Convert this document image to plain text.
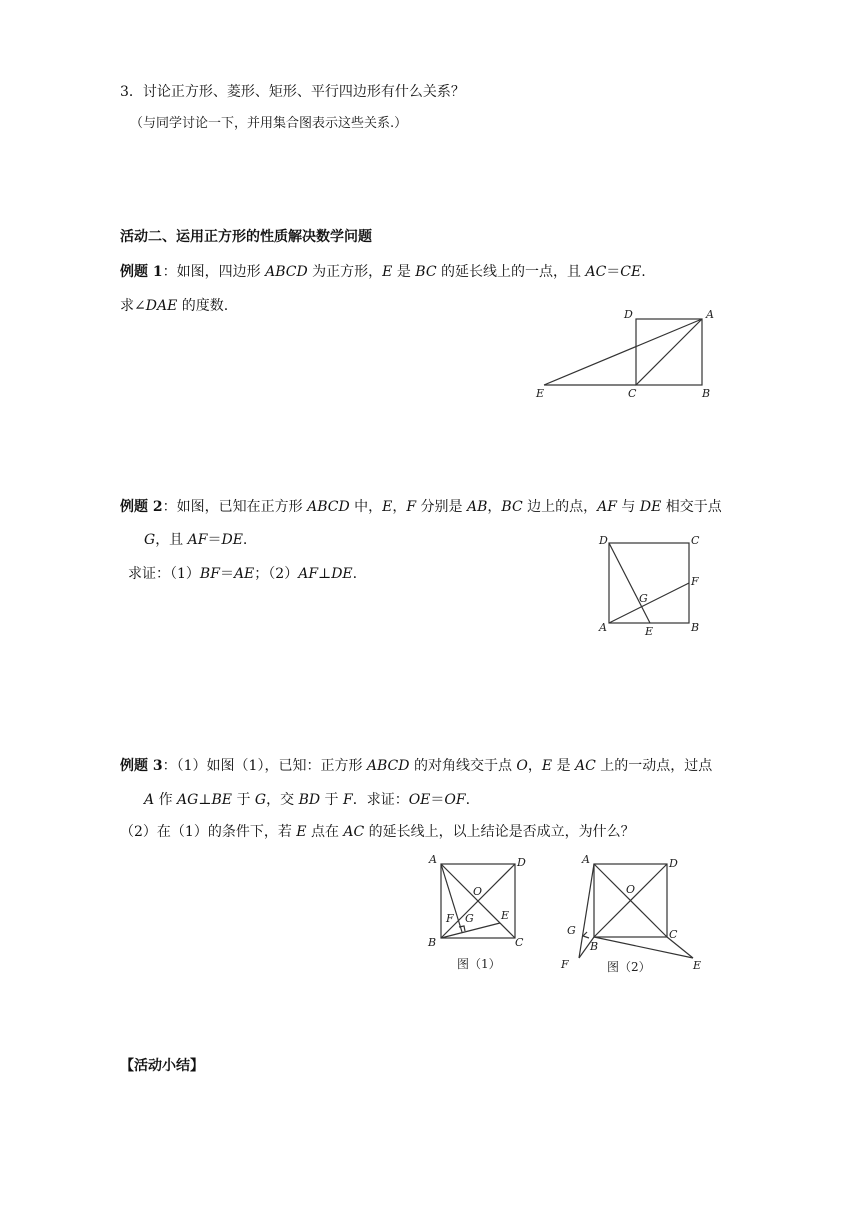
3．讨论正方形、菱形、矩形、平行四边形有什么关系？
（与同学讨论一下，并用集合图表示这些关系.）
活动二、运用正方形的性质解决数学问题
例题 1：如图，四边形 ABCD 为正方形，E 是 BC 的延长线上的一点，且 AC＝CE.
求∠DAE 的度数.
D	A
E	C	B
例题 2：如图，已知在正方形 ABCD 中，E，F 分别是 AB，BC 边上的点，AF 与 DE 相交于点
G，且 AF＝DE.
求证：（1）BF＝AE；（2）AF⊥DE.
D	C
F
G
A	E	B
例题 3：（1）如图（1），已知：正方形 ABCD 的对角线交于点 O，E 是 AC 上的一动点，过点
A 作 AG⊥BE 于 G，交 BD 于 F．求证：OE＝OF.
（2）在（1）的条件下，若 E 点在 AC 的延长线上，以上结论是否成立，为什么？
A	D
O
F G E
B	C
图（1）
A	D
O
G
B
C
F	E
图（2）
【活动小结】
